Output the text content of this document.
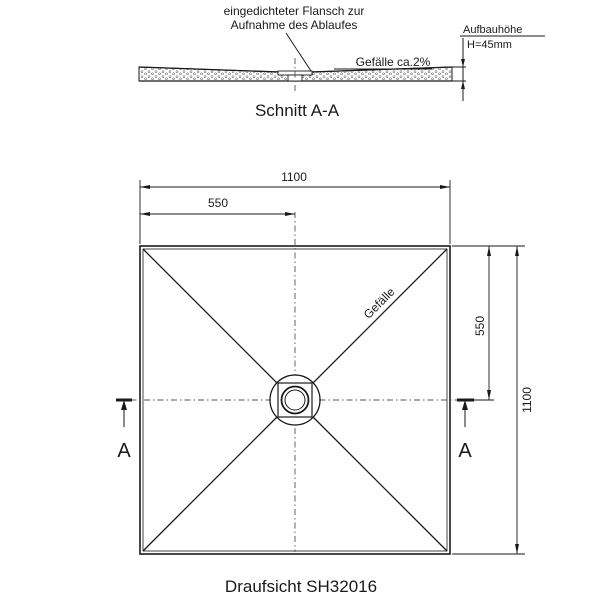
eingedichteter Flansch zur
Aufnahme des Ablaufes
Gefälle ca.2%
Aufbauhöhe
H=45mm
Schnitt A-A
Gefälle
1100
550
1100
550
A	A
Draufsicht SH32016
